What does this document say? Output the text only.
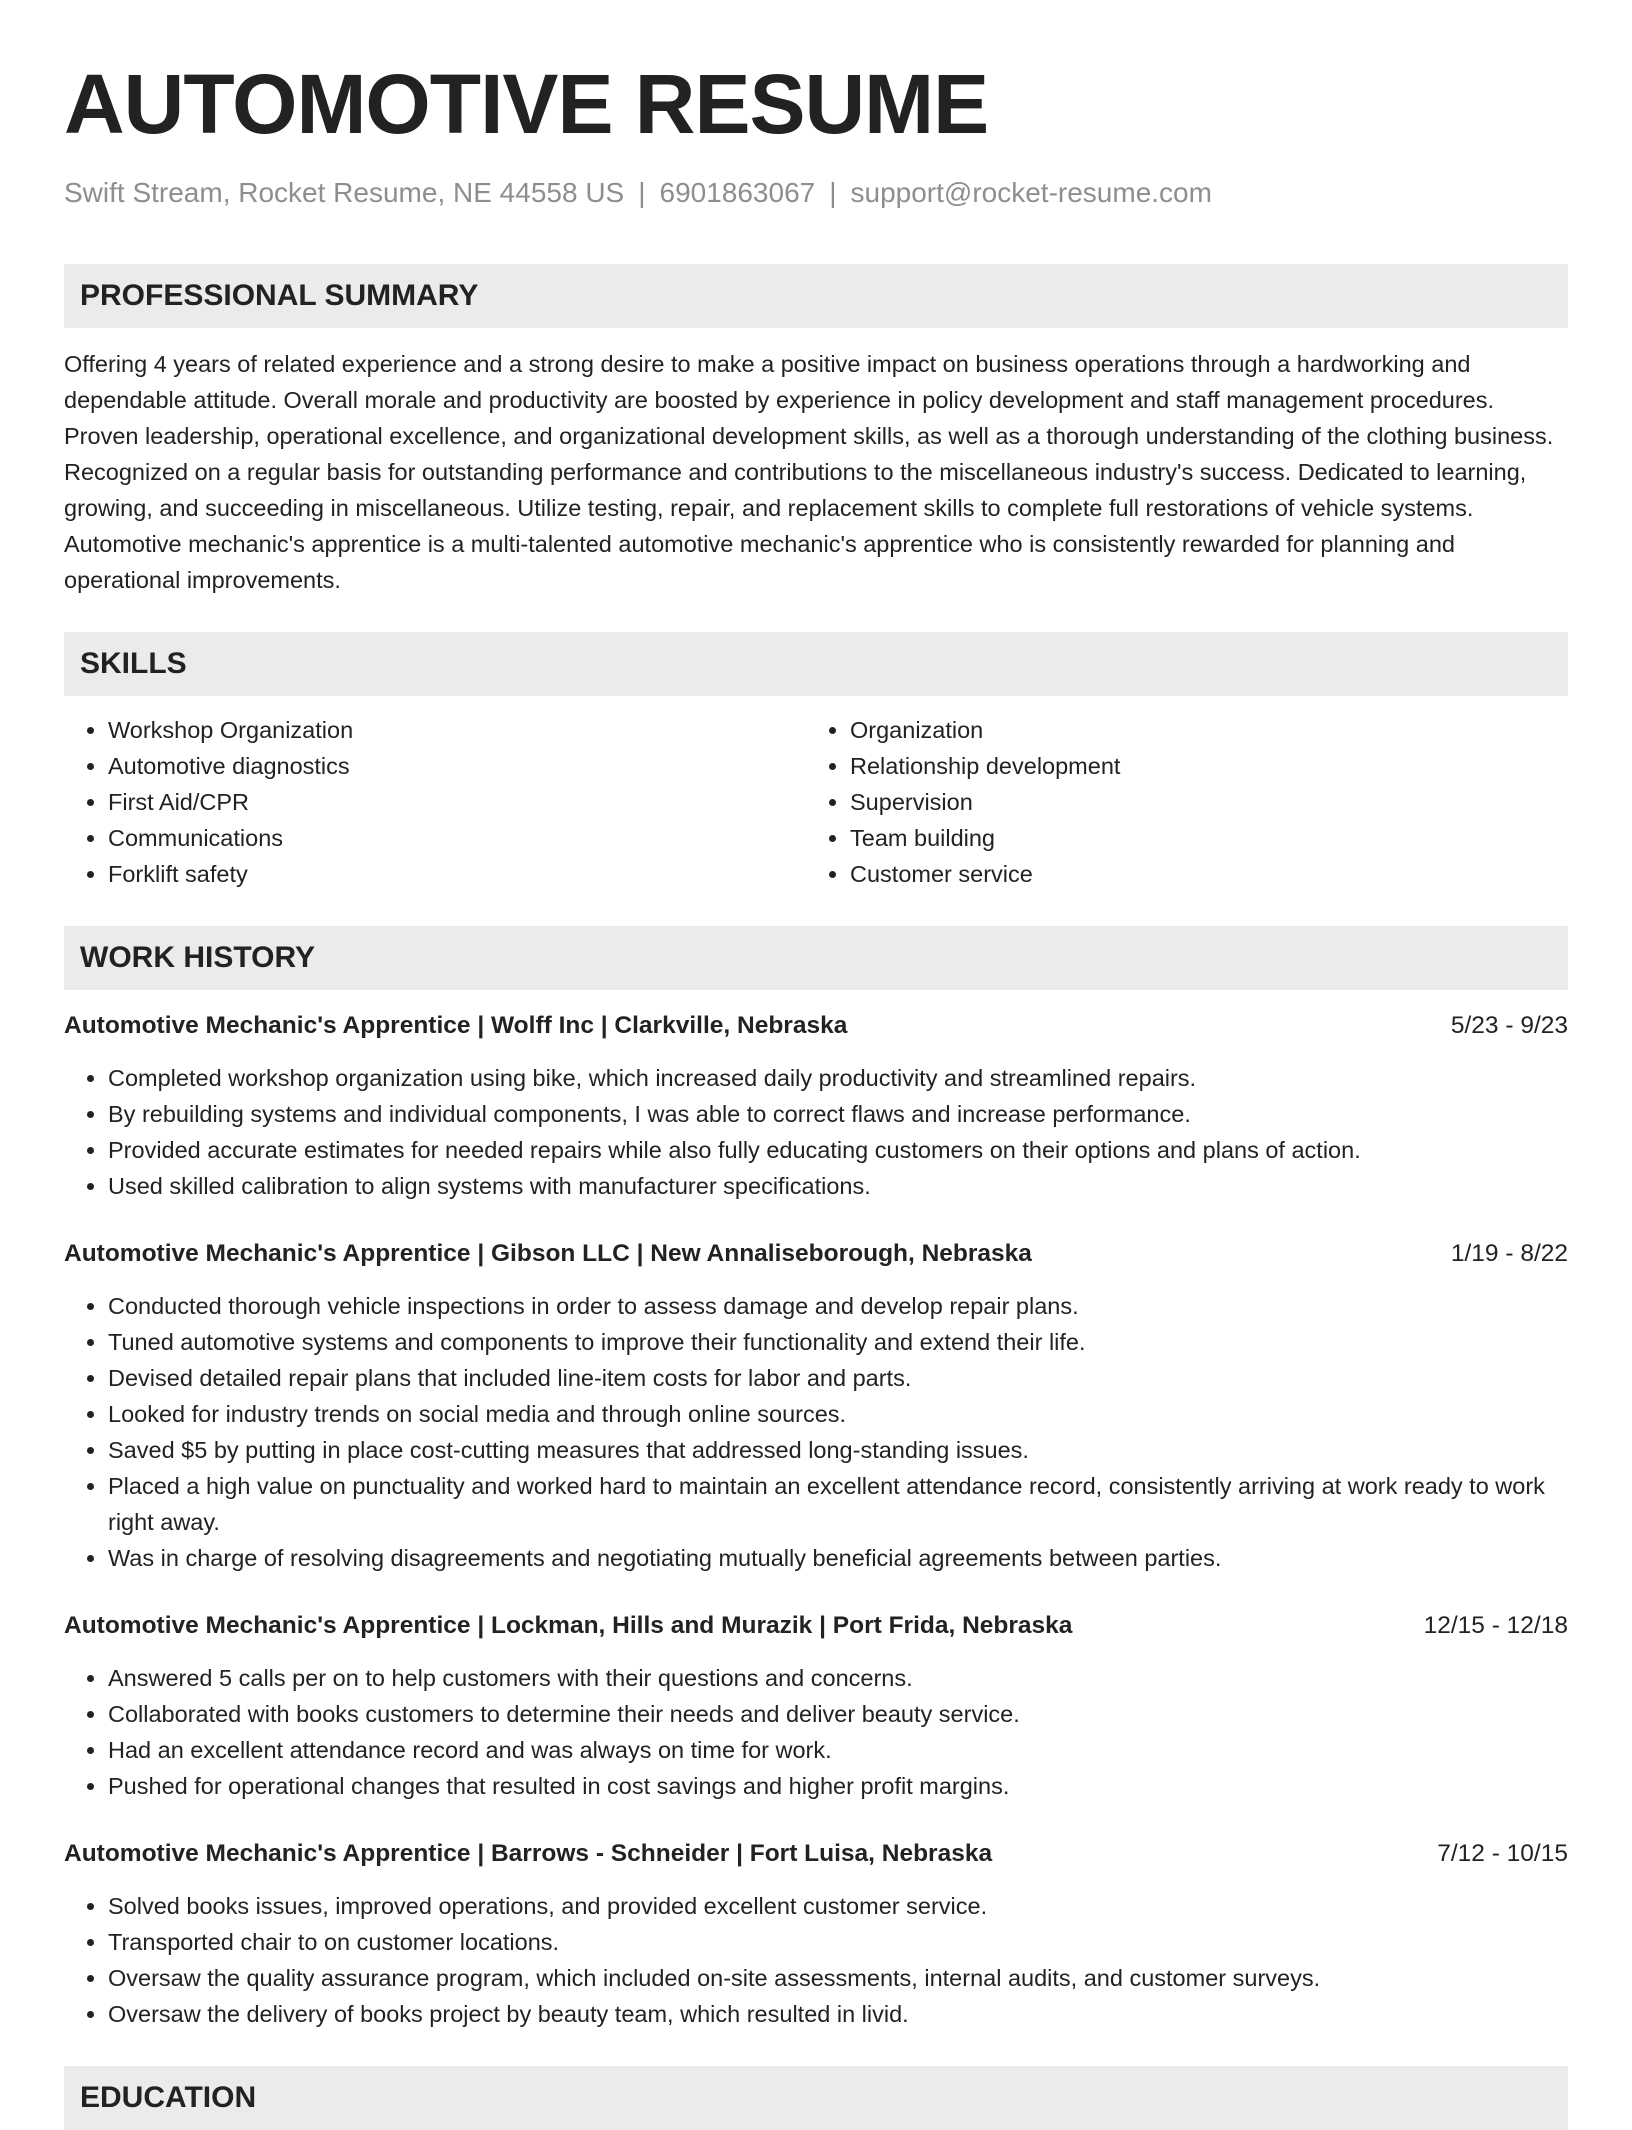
AUTOMOTIVE RESUME
Swift Stream, Rocket Resume, NE 44558 US | 6901863067 | support@rocket-resume.com
PROFESSIONAL SUMMARY

Offering 4 years of related experience and a strong desire to make a positive impact on business operations through a hardworking and dependable attitude. Overall morale and productivity are boosted by experience in policy development and staff management procedures. Proven leadership, operational excellence, and organizational development skills, as well as a thorough understanding of the clothing business. Recognized on a regular basis for outstanding performance and contributions to the miscellaneous industry's success. Dedicated to learning, growing, and succeeding in miscellaneous. Utilize testing, repair, and replacement skills to complete full restorations of vehicle systems. Automotive mechanic's apprentice is a multi-talented automotive mechanic's apprentice who is consistently rewarded for planning and operational improvements.

SKILLS
• Workshop Organization
• Automotive diagnostics
• First Aid/CPR
• Communications
• Forklift safety
• Organization
• Relationship development
• Supervision
• Team building
• Customer service
WORK HISTORY
Automotive Mechanic's Apprentice | Wolff Inc | Clarkville, Nebraska	5/23 - 9/23
• Completed workshop organization using bike, which increased daily productivity and streamlined repairs.
• By rebuilding systems and individual components, I was able to correct flaws and increase performance.
• Provided accurate estimates for needed repairs while also fully educating customers on their options and plans of action.
• Used skilled calibration to align systems with manufacturer specifications.
Automotive Mechanic's Apprentice | Gibson LLC | New Annaliseborough, Nebraska	1/19 - 8/22
• Conducted thorough vehicle inspections in order to assess damage and develop repair plans.
• Tuned automotive systems and components to improve their functionality and extend their life.
• Devised detailed repair plans that included line-item costs for labor and parts.
• Looked for industry trends on social media and through online sources.
• Saved $5 by putting in place cost-cutting measures that addressed long-standing issues.
• Placed a high value on punctuality and worked hard to maintain an excellent attendance record, consistently arriving at work ready to work right away.
• Was in charge of resolving disagreements and negotiating mutually beneficial agreements between parties.
Automotive Mechanic's Apprentice | Lockman, Hills and Murazik | Port Frida, Nebraska	12/15 - 12/18
• Answered 5 calls per on to help customers with their questions and concerns.
• Collaborated with books customers to determine their needs and deliver beauty service.
• Had an excellent attendance record and was always on time for work.
• Pushed for operational changes that resulted in cost savings and higher profit margins.
Automotive Mechanic's Apprentice | Barrows - Schneider | Fort Luisa, Nebraska	7/12 - 10/15
• Solved books issues, improved operations, and provided excellent customer service.
• Transported chair to on customer locations.
• Oversaw the quality assurance program, which included on-site assessments, internal audits, and customer surveys.
• Oversaw the delivery of books project by beauty team, which resulted in livid.
EDUCATION
